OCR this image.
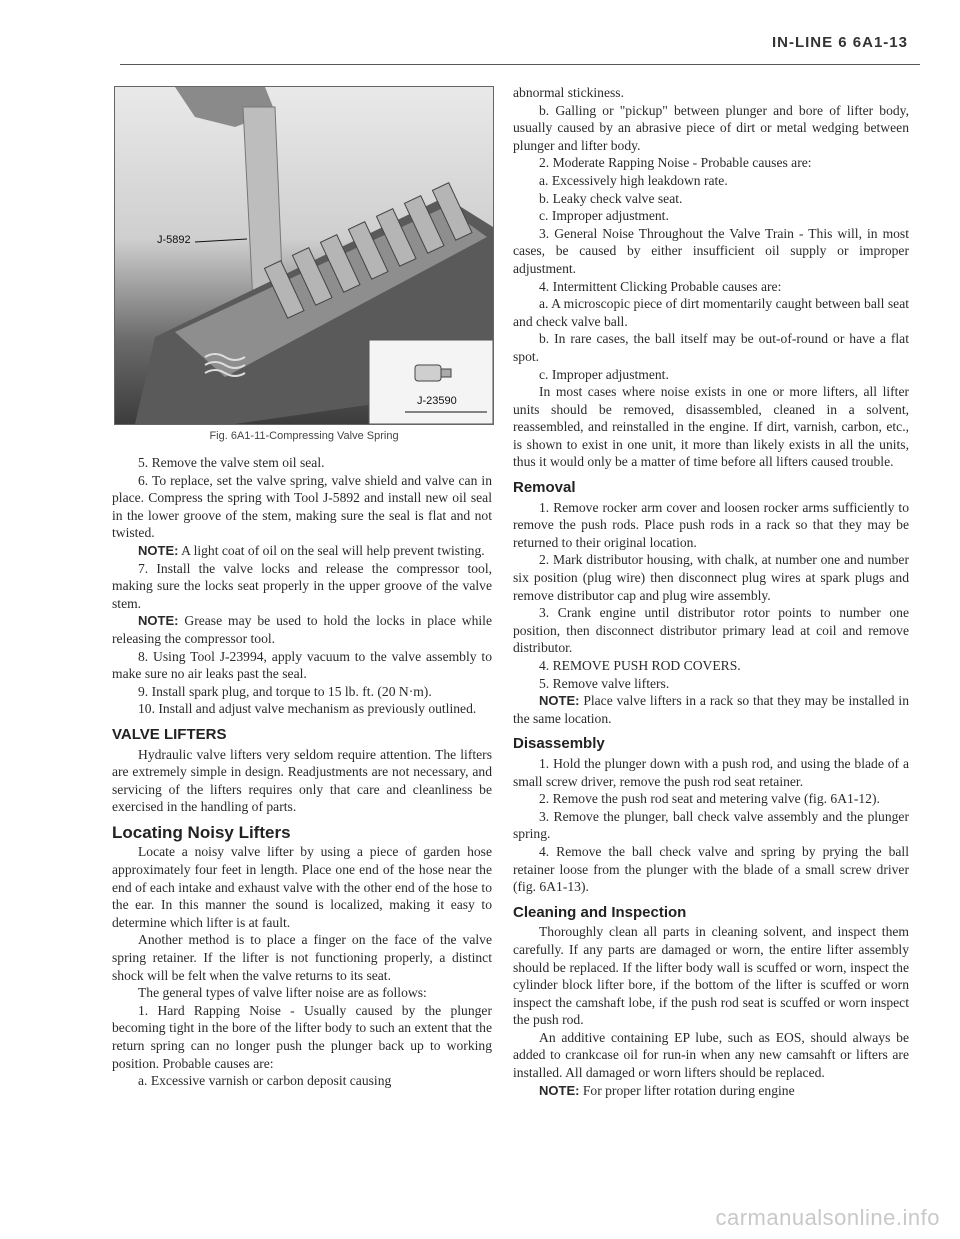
IN-LINE 6 6A1-13
J-5892
J-23590
Fig. 6A1-11-Compressing Valve Spring

5. Remove the valve stem oil seal.

6. To replace, set the valve spring, valve shield and valve can in place. Compress the spring with Tool J-5892 and install new oil seal in the lower groove of the stem, making sure the seal is flat and not twisted.

NOTE: A light coat of oil on the seal will help prevent twisting.

7. Install the valve locks and release the compressor tool, making sure the locks seat properly in the upper groove of the valve stem.

NOTE: Grease may be used to hold the locks in place while releasing the compressor tool.

8. Using Tool J-23994, apply vacuum to the valve assembly to make sure no air leaks past the seal.

9. Install spark plug, and torque to 15 lb. ft. (20 N·m).

10. Install and adjust valve mechanism as previously outlined.

VALVE LIFTERS

Hydraulic valve lifters very seldom require attention. The lifters are extremely simple in design. Readjustments are not necessary, and servicing of the lifters requires only that care and cleanliness be exercised in the handling of parts.

Locating Noisy Lifters

Locate a noisy valve lifter by using a piece of garden hose approximately four feet in length. Place one end of the hose near the end of each intake and exhaust valve with the other end of the hose to the ear. In this manner the sound is localized, making it easy to determine which lifter is at fault.

Another method is to place a finger on the face of the valve spring retainer. If the lifter is not functioning properly, a distinct shock will be felt when the valve returns to its seat.

The general types of valve lifter noise are as follows:

1. Hard Rapping Noise - Usually caused by the plunger becoming tight in the bore of the lifter body to such an extent that the return spring can no longer push the plunger back up to working position. Probable causes are:

a. Excessive varnish or carbon deposit causing

abnormal stickiness.

b. Galling or "pickup" between plunger and bore of lifter body, usually caused by an abrasive piece of dirt or metal wedging between plunger and lifter body.

2. Moderate Rapping Noise - Probable causes are:

a. Excessively high leakdown rate.

b. Leaky check valve seat.

c. Improper adjustment.

3. General Noise Throughout the Valve Train - This will, in most cases, be caused by either insufficient oil supply or improper adjustment.

4. Intermittent Clicking Probable causes are:

a. A microscopic piece of dirt momentarily caught between ball seat and check valve ball.

b. In rare cases, the ball itself may be out-of-round or have a flat spot.

c. Improper adjustment.

In most cases where noise exists in one or more lifters, all lifter units should be removed, disassembled, cleaned in a solvent, reassembled, and reinstalled in the engine. If dirt, varnish, carbon, etc., is shown to exist in one unit, it more than likely exists in all the units, thus it would only be a matter of time before all lifters caused trouble.

Removal

1. Remove rocker arm cover and loosen rocker arms sufficiently to remove the push rods. Place push rods in a rack so that they may be returned to their original location.

2. Mark distributor housing, with chalk, at number one and number six position (plug wire) then disconnect plug wires at spark plugs and remove distributor cap and plug wire assembly.

3. Crank engine until distributor rotor points to number one position, then disconnect distributor primary lead at coil and remove distributor.

4. REMOVE PUSH ROD COVERS.

5. Remove valve lifters.

NOTE: Place valve lifters in a rack so that they may be installed in the same location.

Disassembly

1. Hold the plunger down with a push rod, and using the blade of a small screw driver, remove the push rod seat retainer.

2. Remove the push rod seat and metering valve (fig. 6A1-12).

3. Remove the plunger, ball check valve assembly and the plunger spring.

4. Remove the ball check valve and spring by prying the ball retainer loose from the plunger with the blade of a small screw driver (fig. 6A1-13).

Cleaning and Inspection

Thoroughly clean all parts in cleaning solvent, and inspect them carefully. If any parts are damaged or worn, the entire lifter assembly should be replaced. If the lifter body wall is scuffed or worn, inspect the cylinder block lifter bore, if the bottom of the lifter is scuffed or worn inspect the camshaft lobe, if the push rod seat is scuffed or worn inspect the push rod.

An additive containing EP lube, such as EOS, should always be added to crankcase oil for run-in when any new camsahft or lifters are installed. All damaged or worn lifters should be replaced.

NOTE: For proper lifter rotation during engine

carmanualsonline.info
